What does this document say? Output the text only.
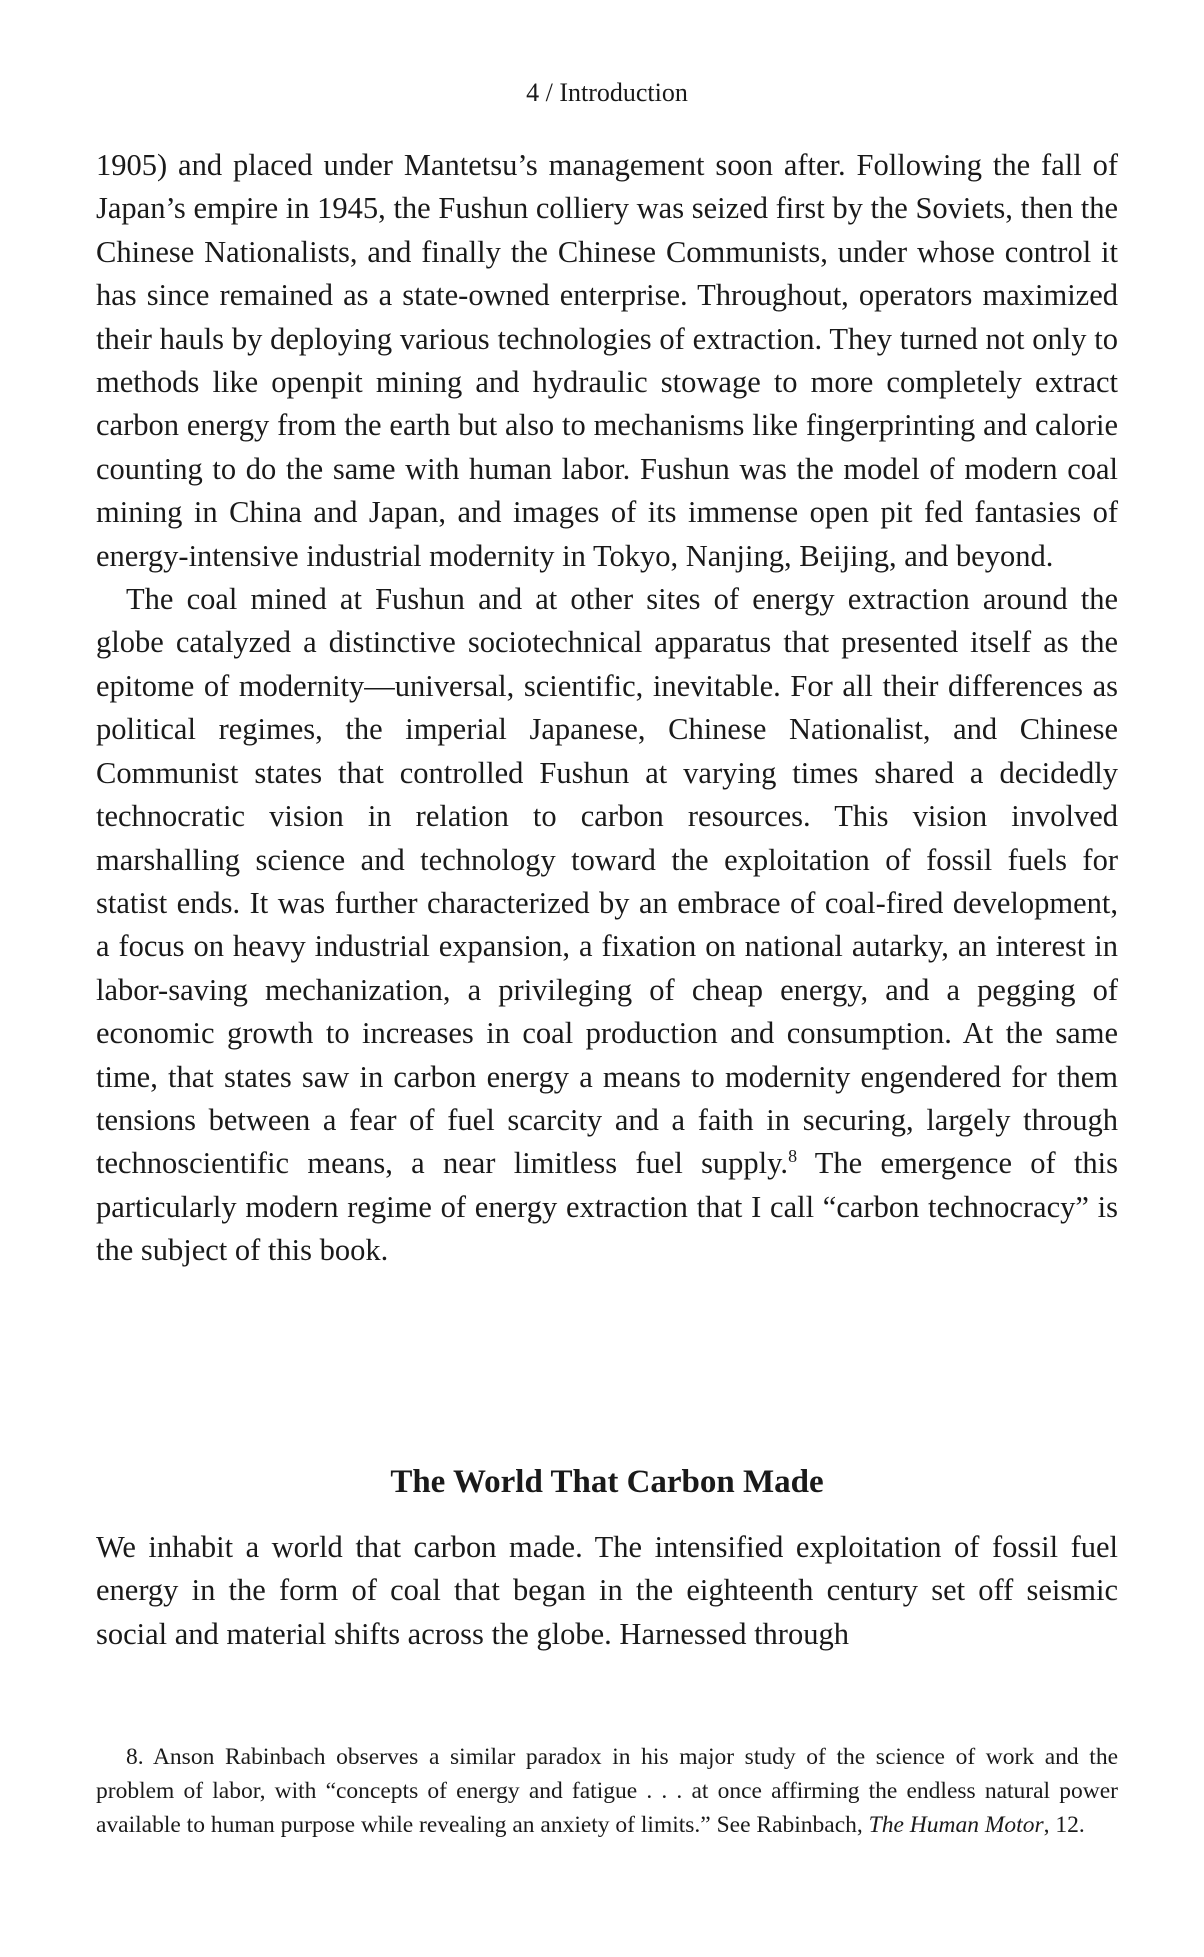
4 / Introduction

1905) and placed under Mantetsu’s management soon after. Following the fall of Japan’s empire in 1945, the Fushun colliery was seized first by the Soviets, then the Chinese Nationalists, and finally the Chinese Communists, under whose control it has since remained as a state-owned enterprise. Throughout, operators maximized their hauls by deploying various technologies of extraction. They turned not only to methods like openpit mining and hydraulic stowage to more completely extract carbon energy from the earth but also to mechanisms like fingerprinting and calorie counting to do the same with human labor. Fushun was the model of modern coal mining in China and Japan, and images of its immense open pit fed fantasies of energy-intensive industrial modernity in Tokyo, Nanjing, Beijing, and beyond.

The coal mined at Fushun and at other sites of energy extraction around the globe catalyzed a distinctive sociotechnical apparatus that presented itself as the epitome of modernity—universal, scientific, inevitable. For all their differences as political regimes, the imperial Japanese, Chinese Nationalist, and Chinese Communist states that controlled Fushun at varying times shared a decidedly technocratic vision in relation to carbon resources. This vision involved marshalling science and technology toward the exploitation of fossil fuels for statist ends. It was further characterized by an embrace of coal-fired development, a focus on heavy industrial expansion, a fixation on national autarky, an interest in labor-saving mechanization, a privileging of cheap energy, and a pegging of economic growth to increases in coal production and consumption. At the same time, that states saw in carbon energy a means to modernity engendered for them tensions between a fear of fuel scarcity and a faith in securing, largely through technoscientific means, a near limitless fuel supply.$^8$ The emergence of this particularly modern regime of energy extraction that I call “carbon technocracy” is the subject of this book.

The World That Carbon Made

We inhabit a world that carbon made. The intensified exploitation of fossil fuel energy in the form of coal that began in the eighteenth century set off seismic social and material shifts across the globe. Harnessed through

8. Anson Rabinbach observes a similar paradox in his major study of the science of work and the problem of labor, with “concepts of energy and fatigue . . . at once affirming the endless natural power available to human purpose while revealing an anxiety of limits.” See Rabinbach, The Human Motor, 12.
